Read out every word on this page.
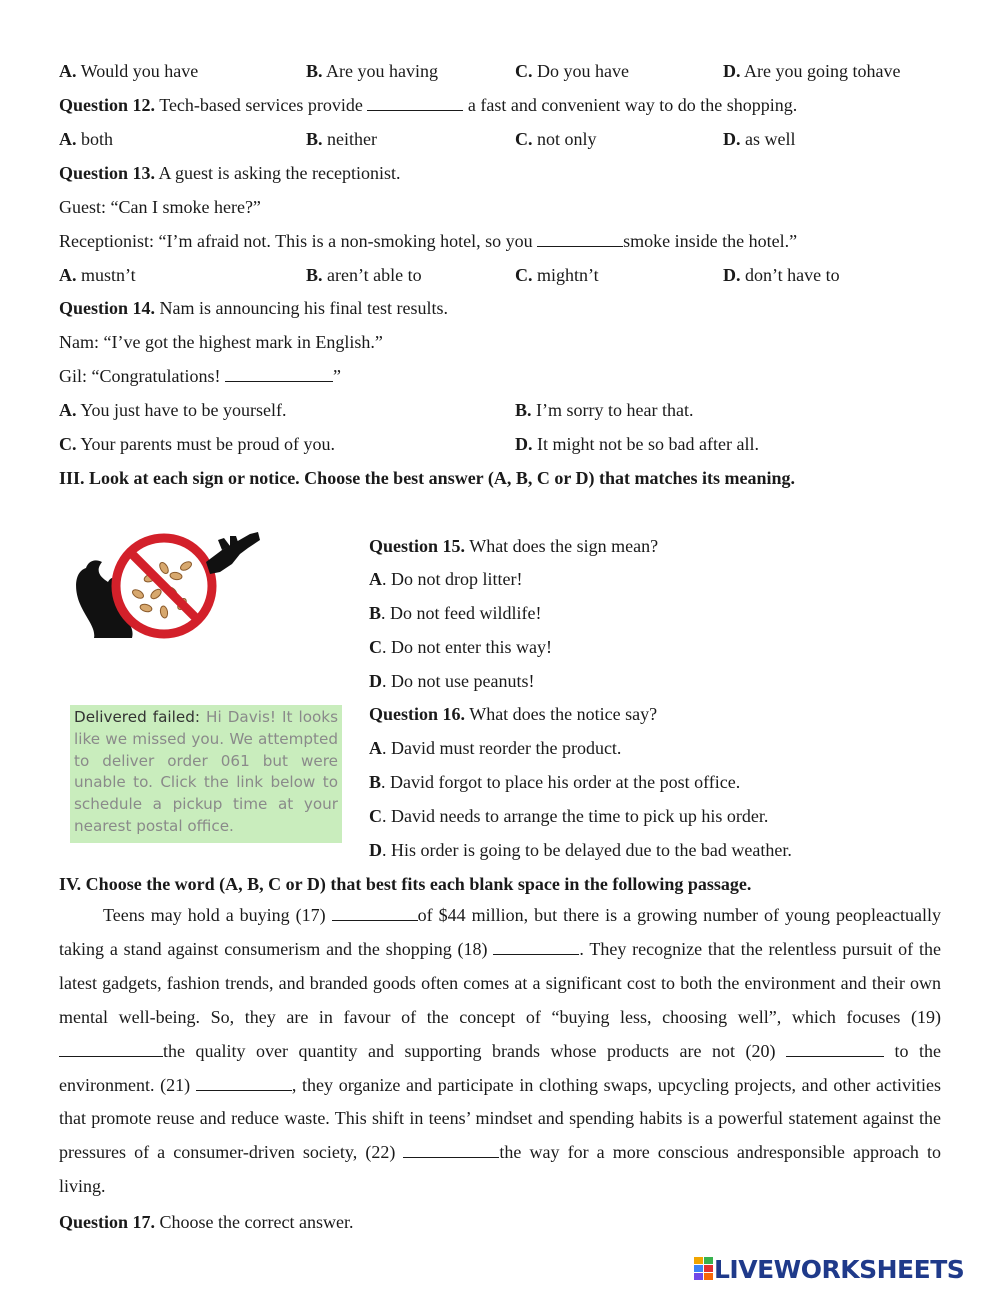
A. Would you have	B. Are you having	C. Do you have	D. Are you going tohave
Question 12. Tech-based services provide	a fast and convenient way to do the shopping.
A. both	B. neither	C. not only	D. as well
Question 13. A guest is asking the receptionist.
Guest: “Can I smoke here?”
Receptionist: “I’m afraid not. This is a non-smoking hotel, so you	smoke inside the hotel.”
A. mustn’t	B. aren’t able to	C. mightn’t	D. don’t have to
Question 14. Nam is announcing his final test results.
Nam: “I’ve got the highest mark in English.”
Gil: “Congratulations!	”
A. You just have to be yourself.	B. I’m sorry to hear that.
C. Your parents must be proud of you.	D. It might not be so bad after all.
III. Look at each sign or notice. Choose the best answer (A, B, C or D) that matches its meaning.
Delivered failed: Hi Davis! It looks like we missed you. We attempted to deliver order 061 but were unable to. Click the link below to schedule a pickup time at your nearest postal office.
Question 15. What does the sign mean?
A. Do not drop litter!
B. Do not feed wildlife!
C. Do not enter this way!
D. Do not use peanuts!
Question 16. What does the notice say?
A. David must reorder the product.
B. David forgot to place his order at the post office.
C. David needs to arrange the time to pick up his order.
D. His order is going to be delayed due to the bad weather.
IV. Choose the word (A, B, C or D) that best fits each blank space in the following passage.
Teens may hold a buying (17)	of $44 million, but there is a growing number of young peopleactually taking a stand against consumerism and the shopping (18)	. They recognize that the relentless pursuit of the latest gadgets, fashion trends, and branded goods often comes at a significant cost to both the environment and their own mental well-being. So, they are in favour of the concept of “buying less, choosing well”, which focuses (19) the quality over quantity and supporting brands whose products are not (20)	to the environment. (21)	, they organize and participate in clothing swaps, upcycling projects, and other activities that promote reuse and reduce waste. This shift in teens’ mindset and spending habits is a powerful statement against the pressures of a consumer-driven society, (22)	the way for a more conscious andresponsible approach to living.
Question 17. Choose the correct answer.
LIVEWORKSHEETS
